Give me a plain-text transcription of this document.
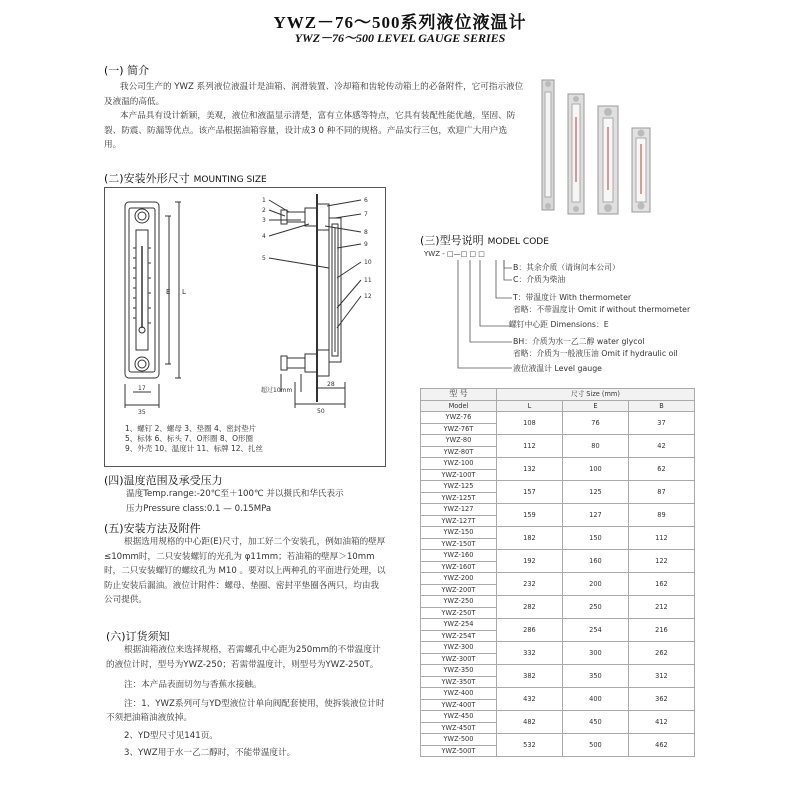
YWZ－76～500系列液位液温计
YWZ－76～500 LEVEL GAUGE SERIES
(一) 简介

我公司生产的 YWZ 系列液位液温计是油箱、润滑装置、冷却箱和齿轮传动箱上的必备附件，它可指示液位及液温的高低。

本产品具有设计新颖，美观，液位和液温显示清楚，富有立体感等特点，它具有装配性能优越，坚固、防裂、防震、防漏等优点。该产品根据油箱容量，设计成3 0 种不同的规格。产品实行三包，欢迎广大用户选用。

(二)安装外形尺寸 MOUNTING SIZE
E L
17
35
1
2
3
4
5
6
7
8
9
10
11
12
28
50
超过10mm
1、螺钉 2、螺母 3、垫圈 4、密封垫片
5、标体 6、标头 7、O形圈 8、O形圈
9、外壳 10、温度计 11、标牌 12、扎丝
(四)温度范围及承受压力

温度Temp.range:-20℃至＋100℃ 并以摄氏和华氏表示

压力Pressure class:0.1 — 0.15MPa

(五)安装方法及附件

根据选用规格的中心距(E)尺寸，加工好二个安装孔，例如油箱的壁厚≤10mm时，二只安装螺钉的光孔为 φ11mm；若油箱的壁厚＞10mm时，二只安装螺钉的螺纹孔为 M10 。要对以上两种孔的平面进行处理，以防止安装后漏油。液位计附件：螺母、垫圈、密封平垫圈各两只，均由我公司提供。

(六)订货须知

根据油箱液位来选择规格，若需螺孔中心距为250mm的不带温度计的液位计时，型号为YWZ-250；若需带温度计，则型号为YWZ-250T。

注：本产品表面切勿与香蕉水接触。

注：1、YWZ系列可与YD型液位计单向阀配套使用，使拆装液位计时不须把油箱油液放掉。

2、YD型尺寸见141页。

3、YWZ用于水一乙二醇时，不能带温度计。

(三)型号说明 MODEL CODE
YWZ - □—□ □ □
B：其余介质（请询问本公司）
C：介质为柴油
T：带温度计 With thermometer
省略：不带温度计 Omit if without thermometer
螺钉中心距 Dimensions：E
BH：介质为水一乙二醇 water glycol
省略：介质为一般液压油 Omit if hydraulic oil
液位液温计 Level gauge
型 号	尺寸 Size (mm)		
Model	L	E	B
YWZ-76	108	76	37
YWZ-76T			
YWZ-80	112	80	42
YWZ-80T			
YWZ-100	132	100	62
YWZ-100T			
YWZ-125	157	125	87
YWZ-125T			
YWZ-127	159	127	89
YWZ-127T			
YWZ-150	182	150	112
YWZ-150T			
YWZ-160	192	160	122
YWZ-160T			
YWZ-200	232	200	162
YWZ-200T			
YWZ-250	282	250	212
YWZ-250T			
YWZ-254	286	254	216
YWZ-254T			
YWZ-300	332	300	262
YWZ-300T			
YWZ-350	382	350	312
YWZ-350T			
YWZ-400	432	400	362
YWZ-400T			
YWZ-450	482	450	412
YWZ-450T			
YWZ-500	532	500	462
YWZ-500T			
